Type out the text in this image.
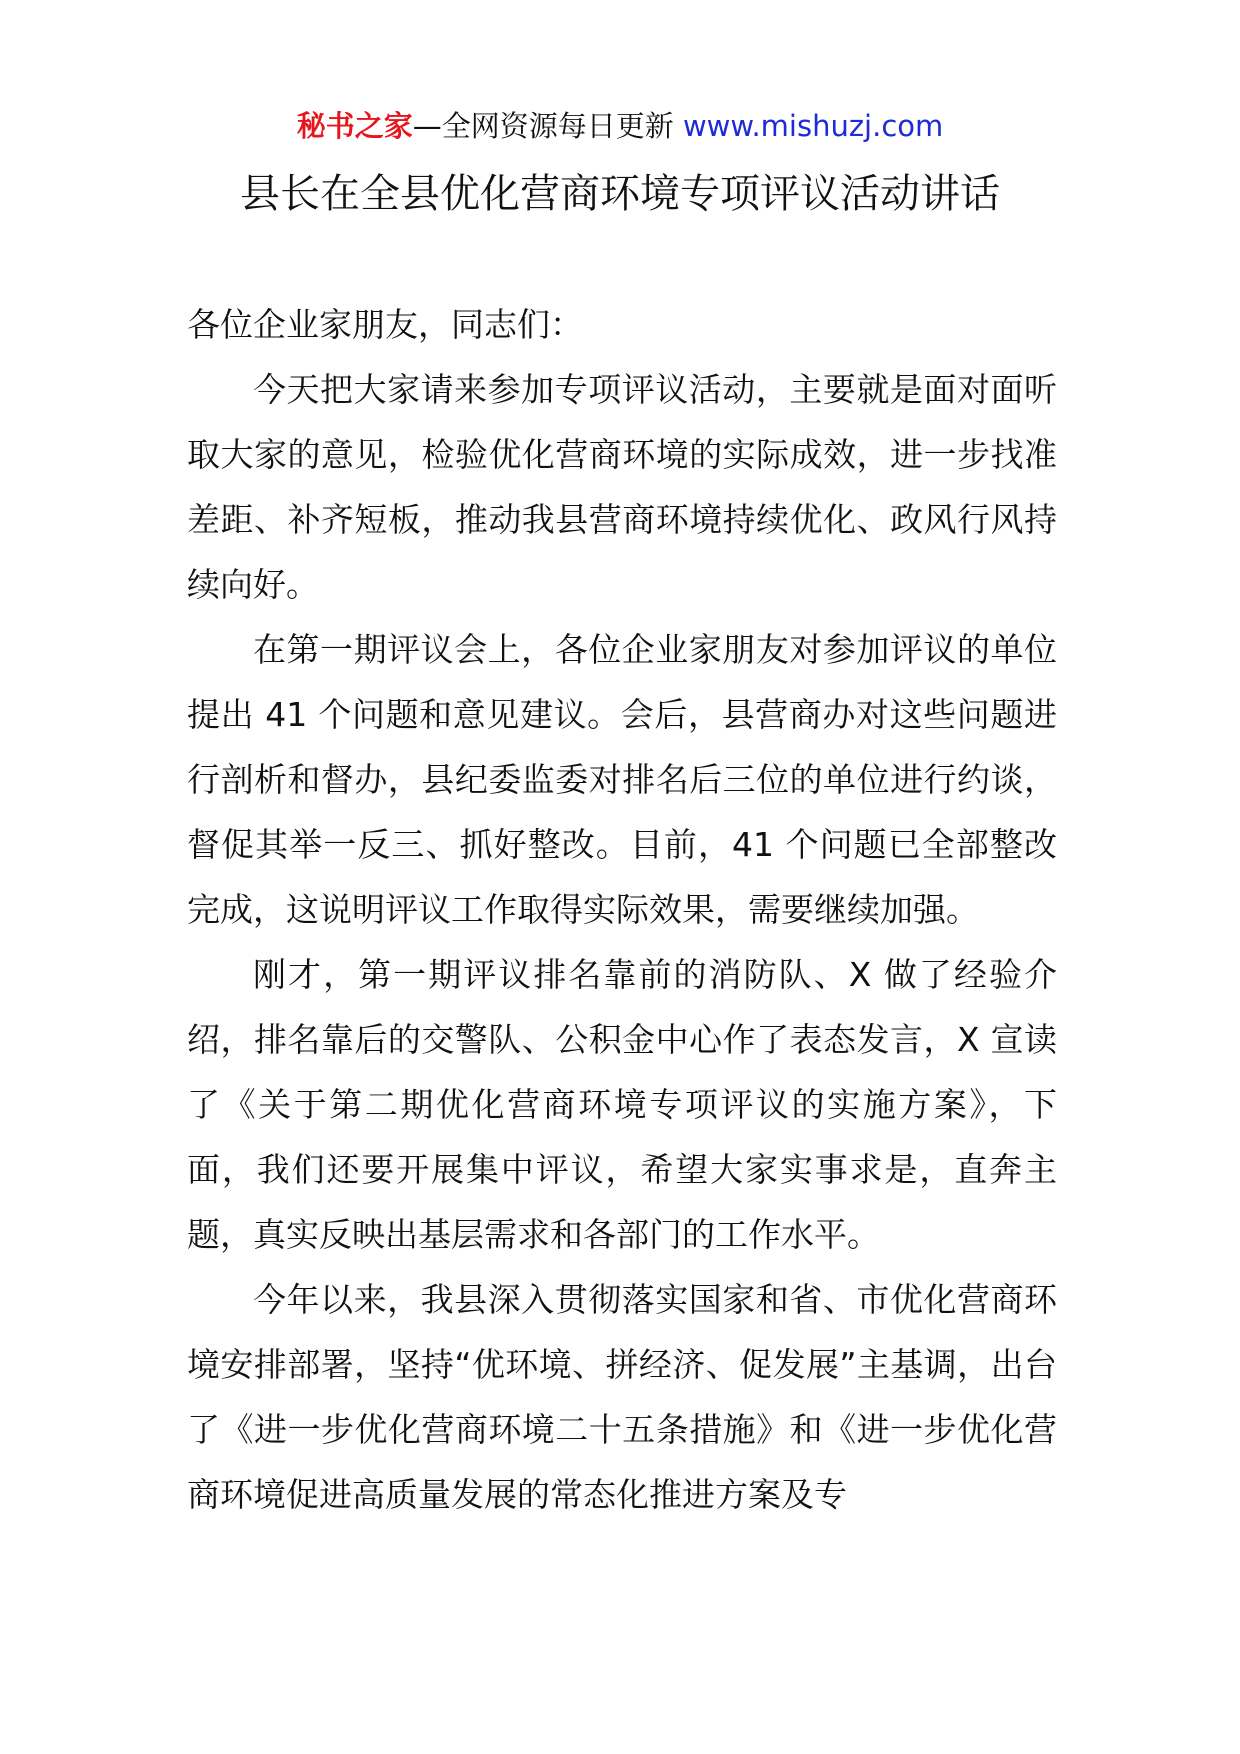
秘书之家—全网资源每日更新 www.mishuzj.com
县长在全县优化营商环境专项评议活动讲话

各位企业家朋友，同志们：

今天把大家请来参加专项评议活动，主要就是面对面听取大家的意见，检验优化营商环境的实际成效，进一步找准差距、补齐短板，推动我县营商环境持续优化、政风行风持续向好。

在第一期评议会上，各位企业家朋友对参加评议的单位提出 41 个问题和意见建议。会后，县营商办对这些问题进行剖析和督办，县纪委监委对排名后三位的单位进行约谈，督促其举一反三、抓好整改。目前，41 个问题已全部整改完成，这说明评议工作取得实际效果，需要继续加强。

刚才，第一期评议排名靠前的消防队、X 做了经验介绍，排名靠后的交警队、公积金中心作了表态发言，X 宣读了《关于第二期优化营商环境专项评议的实施方案》，下面，我们还要开展集中评议，希望大家实事求是，直奔主题，真实反映出基层需求和各部门的工作水平。

今年以来，我县深入贯彻落实国家和省、市优化营商环境安排部署，坚持“优环境、拼经济、促发展”主基调，出台了《进一步优化营商环境二十五条措施》和《进一步优化营商环境促进高质量发展的常态化推进方案及专
